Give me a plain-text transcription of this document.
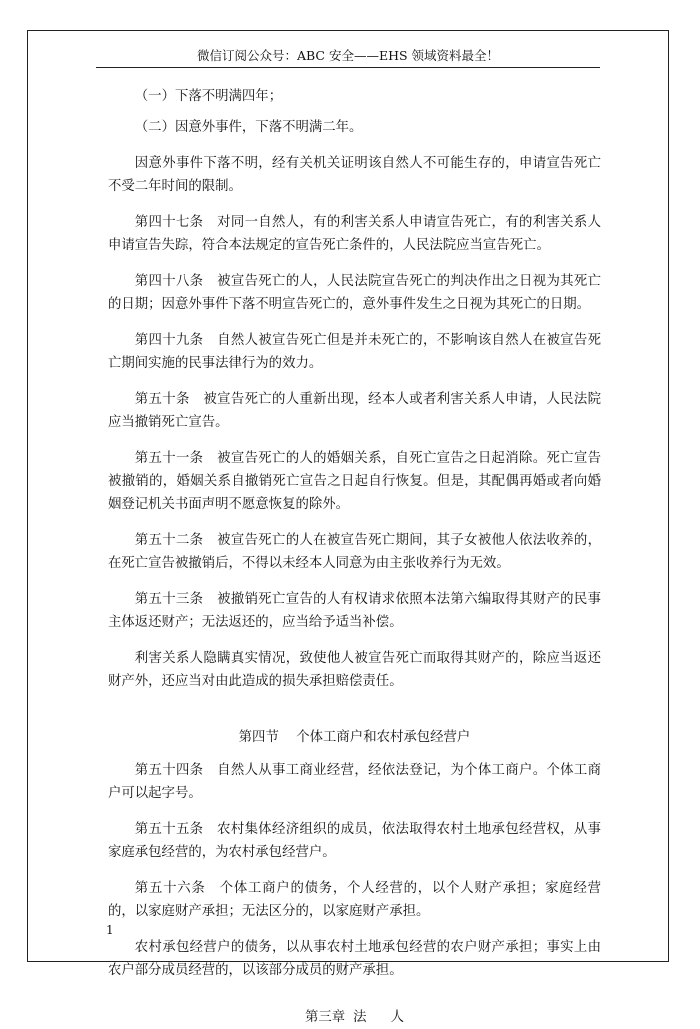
微信订阅公众号：ABC 安全——EHS 领域资料最全！

（一）下落不明满四年；

（二）因意外事件，下落不明满二年。

因意外事件下落不明，经有关机关证明该自然人不可能生存的，申请宣告死亡不受二年时间的限制。

第四十七条　对同一自然人，有的利害关系人申请宣告死亡，有的利害关系人申请宣告失踪，符合本法规定的宣告死亡条件的，人民法院应当宣告死亡。

第四十八条　被宣告死亡的人，人民法院宣告死亡的判决作出之日视为其死亡的日期；因意外事件下落不明宣告死亡的，意外事件发生之日视为其死亡的日期。

第四十九条　自然人被宣告死亡但是并未死亡的，不影响该自然人在被宣告死亡期间实施的民事法律行为的效力。

第五十条　被宣告死亡的人重新出现，经本人或者利害关系人申请，人民法院应当撤销死亡宣告。

第五十一条　被宣告死亡的人的婚姻关系，自死亡宣告之日起消除。死亡宣告被撤销的，婚姻关系自撤销死亡宣告之日起自行恢复。但是，其配偶再婚或者向婚姻登记机关书面声明不愿意恢复的除外。

第五十二条　被宣告死亡的人在被宣告死亡期间，其子女被他人依法收养的，在死亡宣告被撤销后，不得以未经本人同意为由主张收养行为无效。

第五十三条　被撤销死亡宣告的人有权请求依照本法第六编取得其财产的民事主体返还财产；无法返还的，应当给予适当补偿。

利害关系人隐瞒真实情况，致使他人被宣告死亡而取得其财产的，除应当返还财产外，还应当对由此造成的损失承担赔偿责任。

第四节 个体工商户和农村承包经营户

第五十四条　自然人从事工商业经营，经依法登记，为个体工商户。个体工商户可以起字号。

第五十五条　农村集体经济组织的成员，依法取得农村土地承包经营权，从事家庭承包经营的，为农村承包经营户。

第五十六条　个体工商户的债务，个人经营的，以个人财产承担；家庭经营的，以家庭财产承担；无法区分的，以家庭财产承担。

农村承包经营户的债务，以从事农村土地承包经营的农户财产承担；事实上由农户部分成员经营的，以该部分成员的财产承担。

第三章 法 人
1
